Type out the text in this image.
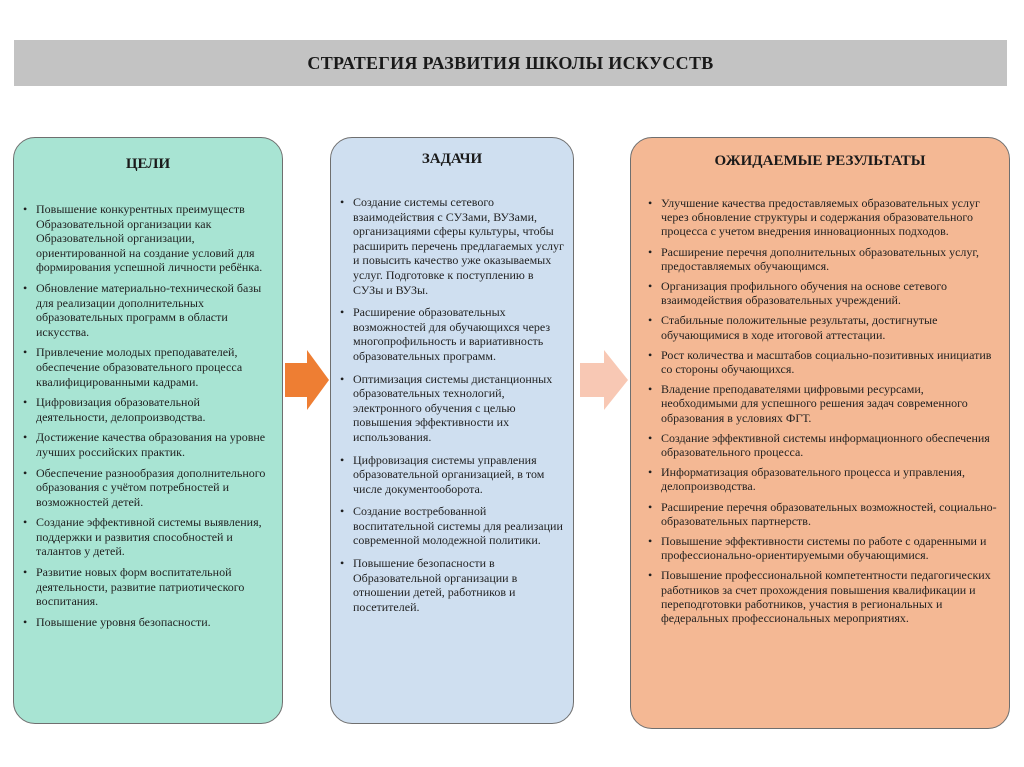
СТРАТЕГИЯ РАЗВИТИЯ ШКОЛЫ ИСКУССТВ
ЦЕЛИ
• Повышение конкурентных преимуществ Образовательной организации как Образовательной организации, ориентированной на создание условий для формирования успешной личности ребёнка.
• Обновление материально-технической базы для реализации дополнительных образовательных программ в области искусства.
• Привлечение молодых преподавателей, обеспечение образовательного процесса квалифицированными кадрами.
• Цифровизация образовательной деятельности, делопроизводства.
• Достижение качества образования на уровне лучших российских практик.
• Обеспечение разнообразия дополнительного образования с учётом потребностей и возможностей детей.
• Создание эффективной системы выявления, поддержки и развития способностей и талантов у детей.
• Развитие новых форм воспитательной деятельности, развитие патриотического воспитания.
• Повышение уровня безопасности.
ЗАДАЧИ
• Создание системы сетевого взаимодействия с СУЗами, ВУЗами, организациями сферы культуры, чтобы расширить перечень предлагаемых услуг и повысить качество уже оказываемых услуг. Подготовке к поступлению в СУЗы и ВУЗы.
• Расширение образовательных возможностей для обучающихся через многопрофильность и вариативность образовательных программ.
• Оптимизация системы дистанционных образовательных технологий, электронного обучения с целью повышения эффективности их использования.
• Цифровизация системы управления образовательной организацией, в том числе документооборота.
• Создание востребованной воспитательной системы для реализации современной молодежной политики.
• Повышение безопасности в Образовательной организации в отношении детей, работников и посетителей.
ОЖИДАЕМЫЕ РЕЗУЛЬТАТЫ
• Улучшение качества предоставляемых образовательных услуг через обновление структуры и содержания образовательного процесса с учетом внедрения инновационных подходов.
• Расширение перечня дополнительных образовательных услуг, предоставляемых обучающимся.
• Организация профильного обучения на основе сетевого взаимодействия образовательных учреждений.
• Стабильные положительные результаты, достигнутые обучающимися в ходе итоговой аттестации.
• Рост количества и масштабов социально-позитивных инициатив со стороны обучающихся.
• Владение преподавателями цифровыми ресурсами, необходимыми для успешного решения задач современного образования в условиях ФГТ.
• Создание эффективной системы информационного обеспечения образовательного процесса.
• Информатизация образовательного процесса и управления, делопроизводства.
• Расширение перечня образовательных возможностей, социально- образовательных партнерств.
• Повышение эффективности системы по работе с одаренными и профессионально-ориентируемыми обучающимися.
• Повышение профессиональной компетентности педагогических работников за счет прохождения повышения квалификации и переподготовки работников, участия в региональных и федеральных профессиональных мероприятиях.
